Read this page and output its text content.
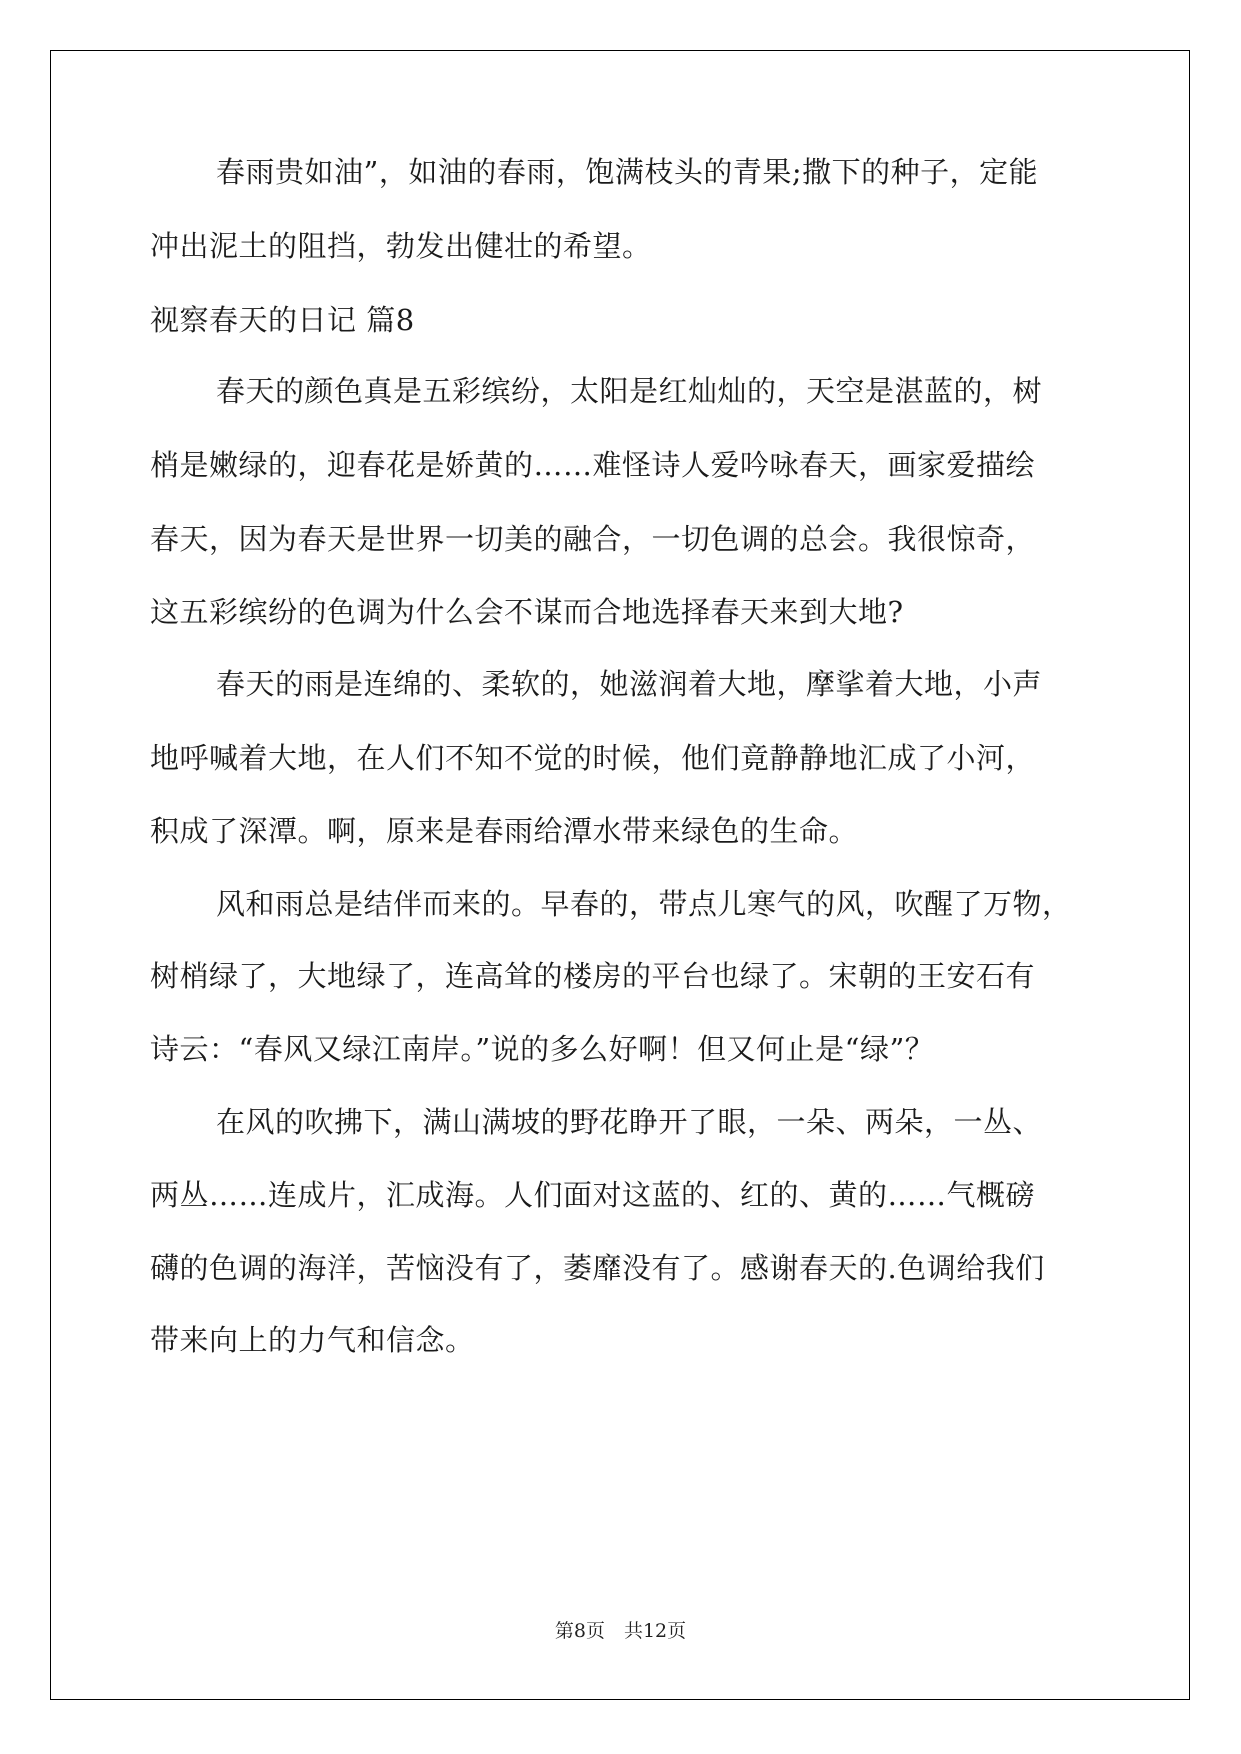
春雨贵如油”，如油的春雨，饱满枝头的青果;撒下的种子，定能
冲出泥土的阻挡，勃发出健壮的希望。
视察春天的日记 篇8
春天的颜色真是五彩缤纷，太阳是红灿灿的，天空是湛蓝的，树
梢是嫩绿的，迎春花是娇黄的……难怪诗人爱吟咏春天，画家爱描绘
春天，因为春天是世界一切美的融合，一切色调的总会。我很惊奇，
这五彩缤纷的色调为什么会不谋而合地选择春天来到大地?
春天的雨是连绵的、柔软的，她滋润着大地，摩挲着大地，小声
地呼喊着大地，在人们不知不觉的时候，他们竟静静地汇成了小河，
积成了深潭。啊，原来是春雨给潭水带来绿色的生命。
风和雨总是结伴而来的。早春的，带点儿寒气的风，吹醒了万物，
树梢绿了，大地绿了，连高耸的楼房的平台也绿了。宋朝的王安石有
诗云：“春风又绿江南岸。”说的多么好啊！但又何止是“绿”？
在风的吹拂下，满山满坡的野花睁开了眼，一朵、两朵，一丛、
两丛……连成片，汇成海。人们面对这蓝的、红的、黄的……气概磅
礴的色调的海洋，苦恼没有了，萎靡没有了。感谢春天的.色调给我们
带来向上的力气和信念。
第8页　共12页
